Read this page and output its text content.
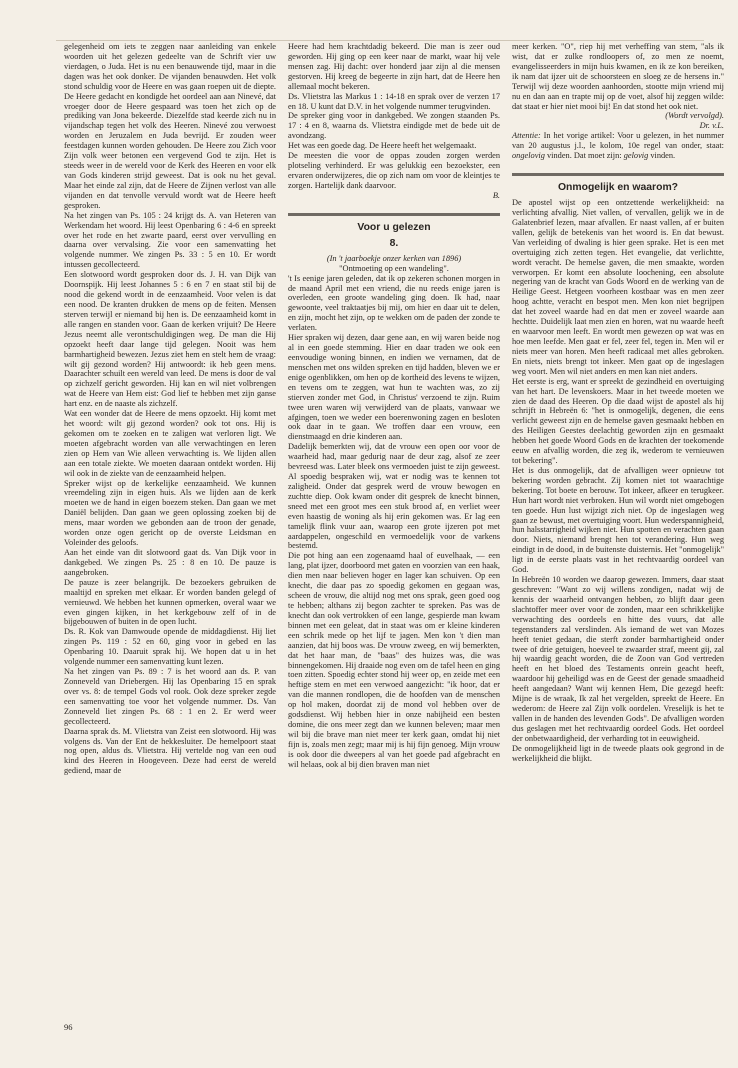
gelegenheid om iets te zeggen naar aanleiding van enkele woorden uit het gelezen gedeelte van de Schrift vier uw vierdagen, o Juda. Het is nu een benauwende tijd, maar in die dagen was het ook donker. De vijanden benauwden. Het volk stond schuldig voor de Heere en was gaan roepen uit de diepte. De Heere gedacht en kondigde het oordeel aan aan Ninevé, dat vroeger door de Heere gespaard was toen het zich op de prediking van Jona bekeerde. Diezelfde stad keerde zich nu in vijandschap tegen het volk des Heeren. Ninevé zou verwoest worden en Jeruzalem en Juda bevrijd. Er zouden weer feestdagen kunnen worden gehouden. De Heere zou Zich voor Zijn volk weer betonen een vergevend God te zijn. Het is steeds weer in de wereld voor de Kerk des Heeren en voor elk van Gods kinderen strijd geweest. Dat is ook nu het geval. Maar het einde zal zijn, dat de Heere de Zijnen verlost van alle vijanden en dat tenvolle vervuld wordt wat de Heere heeft gesproken.

Na het zingen van Ps. 105 : 24 krijgt ds. A. van Heteren van Werkendam het woord. Hij leest Openbaring 6 : 4-6 en spreekt over het rode en het zwarte paard, eerst over vervulling en daarna over vervalsing. Zie voor een samenvatting het volgende nummer. We zingen Ps. 33 : 5 en 10. Er wordt intussen gecollecteerd.

Een slotwoord wordt gesproken door ds. J. H. van Dijk van Doornspijk. Hij leest Johannes 5 : 6 en 7 en staat stil bij de nood die gekend wordt in de eenzaamheid. Voor velen is dat een nood. De kranten drukken de mens op de feiten. Mensen sterven terwijl er niemand bij hen is. De eenzaamheid komt in alle rangen en standen voor. Gaan de kerken vrijuit? De Heere Jezus neemt alle verontschuldigingen weg. De man die Hij opzoekt heeft daar lange tijd gelegen. Nooit was hem barmhartigheid bewezen. Jezus ziet hem en stelt hem de vraag: wilt gij gezond worden? Hij antwoordt: ik heb geen mens. Daarachter schuilt een wereld van leed. De mens is door de val op zichzelf gericht geworden. Hij kan en wil niet volbrengen wat de Heere van Hem eist: God lief te hebben met zijn ganse hart enz. en de naaste als zichzelf.

Wat een wonder dat de Heere de mens opzoekt. Hij komt met het woord: wilt gij gezond worden? ook tot ons. Hij is gekomen om te zoeken en te zaligen wat verloren ligt. We moeten afgebracht worden van alle verwachtingen en leren zien op Hem van Wie alleen verwachting is. We lijden allen aan een totale ziekte. We moeten daaraan ontdekt worden. Hij wil ook in de ziekte van de eenzaamheid helpen.

Spreker wijst op de kerkelijke eenzaamheid. We kunnen vreemdeling zijn in eigen huis. Als we lijden aan de kerk moeten we de hand in eigen boezem steken. Dan gaan we met Daniël belijden. Dan gaan we geen oplossing zoeken bij de mens, maar worden we gebonden aan de troon der genade, worden onze ogen gericht op de overste Leidsman en Voleinder des geloofs.

Aan het einde van dit slotwoord gaat ds. Van Dijk voor in dankgebed. We zingen Ps. 25 : 8 en 10. De pauze is aangebroken.

De pauze is zeer belangrijk. De bezoekers gebruiken de maaltijd en spreken met elkaar. Er worden banden gelegd of vernieuwd. We hebben het kunnen opmerken, overal waar we even gingen kijken, in het kerkgebouw zelf of in de bijgebouwen of buiten in de open lucht.

Ds. R. Kok van Damwoude opende de middagdienst. Hij liet zingen Ps. 119 : 52 en 60, ging voor in gebed en las Openbaring 10. Daaruit sprak hij. We hopen dat u in het volgende nummer een samenvatting kunt lezen.

Na het zingen van Ps. 89 : 7 is het woord aan ds. P. van Zonneveld van Driebergen. Hij las Openbaring 15 en sprak over vs. 8: de tempel Gods vol rook. Ook deze spreker zegde een samenvatting toe voor het volgende nummer. Ds. Van Zonneveld liet zingen Ps. 68 : 1 en 2. Er werd weer gecollecteerd.

Daarna sprak ds. M. Vlietstra van Zeist een slotwoord. Hij was volgens ds. Van der Ent de hekkesluiter. De hemelpoort staat nog open, aldus ds. Vlietstra. Hij vertelde nog van een oud kind des Heeren in Hoogeveen. Deze had eerst de wereld gediend, maar de

Heere had hem krachtdadig bekeerd. Die man is zeer oud geworden. Hij ging op een keer naar de markt, waar hij vele mensen zag. Hij dacht: over honderd jaar zijn al die mensen gestorven. Hij kreeg de begeerte in zijn hart, dat de Heere hen allemaal mocht bekeren.

Ds. Vlietstra las Markus 1 : 14-18 en sprak over de verzen 17 en 18. U kunt dat D.V. in het volgende nummer terugvinden.

De spreker ging voor in dankgebed. We zongen staanden Ps. 17 : 4 en 8, waarna ds. Vlietstra eindigde met de bede uit de avondzang.

Het was een goede dag. De Heere heeft het welgemaakt.

De meesten die voor de oppas zouden zorgen werden plotseling verhinderd. Er was gelukkig een bezoekster, een ervaren onderwijzeres, die op zich nam om voor de kleintjes te zorgen. Hartelijk dank daarvoor.

B.

Voor u gelezen
8.

(In 't jaarboekje onzer kerken van 1896)

"Ontmoeting op een wandeling".

't Is eenige jaren geleden, dat ik op zekeren schonen morgen in de maand April met een vriend, die nu reeds enige jaren is overleden, een groote wandeling ging doen. Ik had, naar gewoonte, veel traktaatjes bij mij, om hier en daar uit te delen, en zijn, mocht het zijn, op te wekken om de paden der zonde te verlaten.

Hier spraken wij dezen, daar gene aan, en wij waren beide nog al in een goede stemming. Hier en daar traden we ook een eenvoudige woning binnen, en indien we vernamen, dat de menschen met ons wilden spreken en tijd hadden, bleven we er enige ogenblikken, om hen op de kortheid des levens te wijzen, en tevens om te zeggen, wat hun te wachten was, zo zij stierven zonder met God, in Christus' verzoend te zijn. Ruim twee uren waren wij verwijderd van de plaats, vanwaar we afgingen, toen we weder een boerenwoning zagen en besloten ook daar in te gaan. We troffen daar een vrouw, een dienstmaagd en drie kinderen aan.

Dadelijk bemerkten wij, dat de vrouw een open oor voor de waarheid had, maar gedurig naar de deur zag, alsof ze zeer bevreesd was. Later bleek ons vermoeden juist te zijn geweest. Al spoedig bespraken wij, wat er nodig was te kennen tot zaligheid. Onder dat gesprek werd de vrouw bewogen en zuchtte diep. Ook kwam onder dit gesprek de knecht binnen, sneed met een groot mes een stuk brood af, en verliet weer even haastig de woning als hij erin gekomen was. Er lag een tamelijk flink vuur aan, waarop een grote ijzeren pot met aardappelen, ongeschild en vermoedelijk voor de varkens bestemd.

Die pot hing aan een zogenaamd haal of euvelhaak, — een lang, plat ijzer, doorboord met gaten en voorzien van een haak, dien men naar believen hoger en lager kan schuiven. Op een knecht, die daar pas zo spoedig gekomen en gegaan was, scheen de vrouw, die altijd nog met ons sprak, geen goed oog te hebben; althans zij begon zachter te spreken. Pas was de knecht dan ook vertrokken of een lange, gespierde man kwam binnen met een geleat, dat in staat was om er kleine kinderen een schrik mede op het lijf te jagen. Men kon 't dien man aanzien, dat hij boos was. De vrouw zweeg, en wij bemerkten, dat het haar man, de "baas" des huizes was, die was binnengekomen. Hij draaide nog even om de tafel heen en ging toen zitten. Spoedig echter stond hij weer op, en zeide met een heftige stem en met een verwoed aangezicht: "ik hoor, dat er van die mannen rondlopen, die de hoofden van de menschen op hol maken, doordat zij de mond vol hebben over de godsdienst. Wij hebben hier in onze nabijheid een besten domine, die ons meer zegt dan we kunnen beleven; maar men wil bij die brave man niet meer ter kerk gaan, omdat hij niet fijn is, zoals men zegt; maar mij is hij fijn genoeg. Mijn vrouw is ook door die dweepers al van het goede pad afgebracht en wil helaas, ook al bij dien braven man niet

meer kerken. "O", riep hij met verheffing van stem, "als ik wist, dat er zulke rondloopers of, zo men ze noemt, evangelisseerders in mijn huis kwamen, en ik ze kon bereiken, ik nam dat ijzer uit de schoorsteen en sloeg ze de hersens in." Terwijl wij deze woorden aanhoorden, stootte mijn vriend mij nu en dan aan en trapte mij op de voet, alsof hij zeggen wilde: dat staat er hier niet mooi bij! En dat stond het ook niet.

(Wordt vervolgd).

Dr. v.L.

Attentie: In het vorige artikel: Voor u gelezen, in het nummer van 20 augustus j.l., le kolom, 10e regel van onder, staat: ongelovig vinden. Dat moet zijn: gelovig vinden.

Onmogelijk en waarom?

De apostel wijst op een ontzettende werkelijkheid: na verlichting afvallig. Niet vallen, of vervallen, gelijk we in de Galatenbrief lezen, maar afvallen. Er naast vallen, af er buiten vallen, gelijk de betekenis van het woord is. En dat bewust. Van verleiding of dwaling is hier geen sprake. Het is een met overtuiging zich zetten tegen. Het evangelie, dat verlichtte, wordt veracht. De hemelse gaven, die men smaakte, worden verworpen. Er komt een absolute loochening, een absolute negering van de kracht van Gods Woord en de werking van de Heilige Geest. Hetgeen voorheen kostbaar was en men zeer hoog achtte, veracht en bespot men. Men kon niet begrijpen dat het zoveel waarde had en dat men er zoveel waarde aan hechtte. Duidelijk laat men zien en horen, wat nu waarde heeft en waarvoor men leeft. En wordt men gewezen op wat was en hoe men leefde. Men gaat er fel, zeer fel, tegen in. Men wil er niets meer van horen. Men heeft radicaal met alles gebroken. En niets, niets brengt tot inkeer. Men gaat op de ingeslagen weg voort. Men wil niet anders en men kan niet anders.

Het eerste is erg, want er spreekt de gezindheid en overtuiging van het hart. De levenskoers. Maar in het tweede moeten we zien de daad des Heeren. Op die daad wijst de apostel als hij schrijft in Hebreën 6: "het is onmogelijk, degenen, die eens verlicht geweest zijn en de hemelse gaven gesmaakt hebben en des Heiligen Geestes deelachtig geworden zijn en gesmaakt hebben het goede Woord Gods en de krachten der toekomende eeuw en afvallig worden, die zeg ik, wederom te vernieuwen tot bekering".

Het is dus onmogelijk, dat de afvalligen weer opnieuw tot bekering worden gebracht. Zij komen niet tot waarachtige bekering. Tot boete en berouw. Tot inkeer, afkeer en terugkeer. Hun hart wordt niet verbroken. Hun wil wordt niet omgebogen ten goede. Hun lust wijzigt zich niet. Op de ingeslagen weg gaan ze bewust, met overtuiging voort. Hun wederspannigheid, hun halsstarrigheid wijken niet. Hun spotten en verachten gaan door. Niets, niemand brengt hen tot verandering. Hun weg eindigt in de dood, in de buitenste duisternis. Het "onmogelijk" ligt in de eerste plaats vast in het rechtvaardig oordeel van God.

In Hebreën 10 worden we daarop gewezen. Immers, daar staat geschreven: "Want zo wij willens zondigen, nadat wij de kennis der waarheid ontvangen hebben, zo blijft daar geen slachtoffer meer over voor de zonden, maar een schrikkelijke verwachting des oordeels en hitte des vuurs, dat alle tegenstanders zal verslinden. Als iemand de wet van Mozes heeft teniet gedaan, die sterft zonder barmhartigheid onder twee of drie getuigen, hoeveel te zwaarder straf, meent gij, zal hij waardig geacht worden, die de Zoon van God vertreden heeft en het bloed des Testaments onrein geacht heeft, waardoor hij geheiligd was en de Geest der genade smaadheid heeft aangedaan? Want wij kennen Hem, Die gezegd heeft: Mijne is de wraak, Ik zal het vergelden, spreekt de Heere. En wederom: de Heere zal Zijn volk oordelen. Vreselijk is het te vallen in de handen des levenden Gods". De afvalligen worden dus geslagen met het rechtvaardig oordeel Gods. Het oordeel der onbetwaardigheid, der verharding tot in eeuwigheid.

De onmogelijkheid ligt in de tweede plaats ook gegrond in de werkelijkheid die blijkt.

96
